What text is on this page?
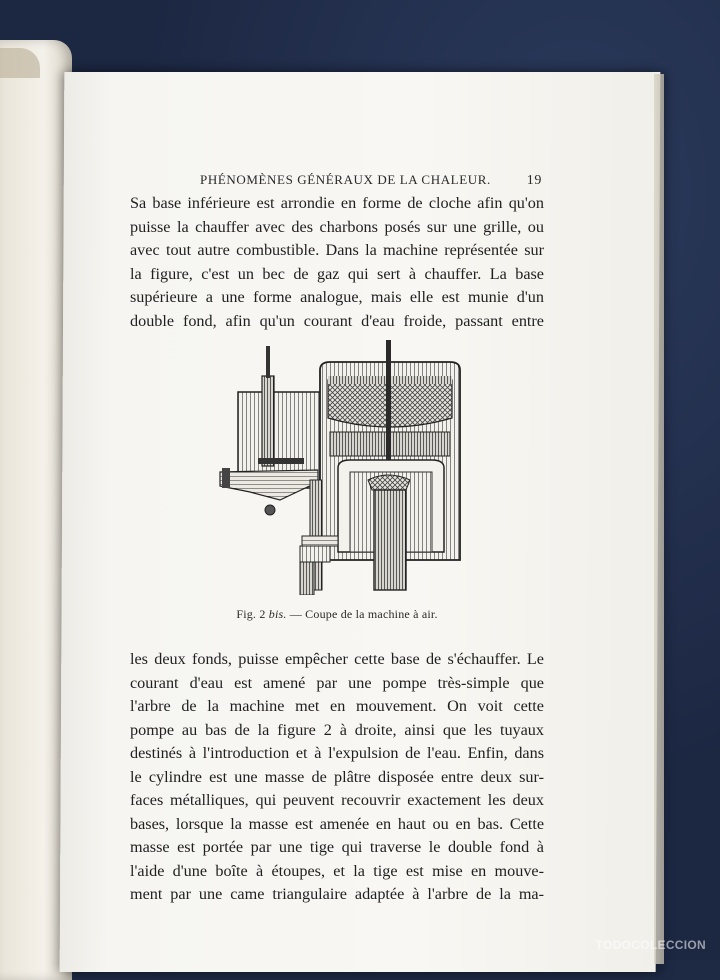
PHÉNOMÈNES GÉNÉRAUX DE LA CHALEUR.	19
Sa base inférieure est arrondie en forme de cloche afin qu'on
puisse la chauffer avec des charbons posés sur une grille, ou
avec tout autre combustible. Dans la machine représentée sur
la figure, c'est un bec de gaz qui sert à chauffer. La base
supérieure a une forme analogue, mais elle est munie d'un
double fond, afin qu'un courant d'eau froide, passant entre
Fig. 2 bis. — Coupe de la machine à air.
les deux fonds, puisse empêcher cette base de s'échauffer. Le
courant d'eau est amené par une pompe très-simple que
l'arbre de la machine met en mouvement. On voit cette
pompe au bas de la figure 2 à droite, ainsi que les tuyaux
destinés à l'introduction et à l'expulsion de l'eau. Enfin, dans
le cylindre est une masse de plâtre disposée entre deux sur-
faces métalliques, qui peuvent recouvrir exactement les deux
bases, lorsque la masse est amenée en haut ou en bas. Cette
masse est portée par une tige qui traverse le double fond à
l'aide d'une boîte à étoupes, et la tige est mise en mouve-
ment par une came triangulaire adaptée à l'arbre de la ma-
TODOCOLECCION
